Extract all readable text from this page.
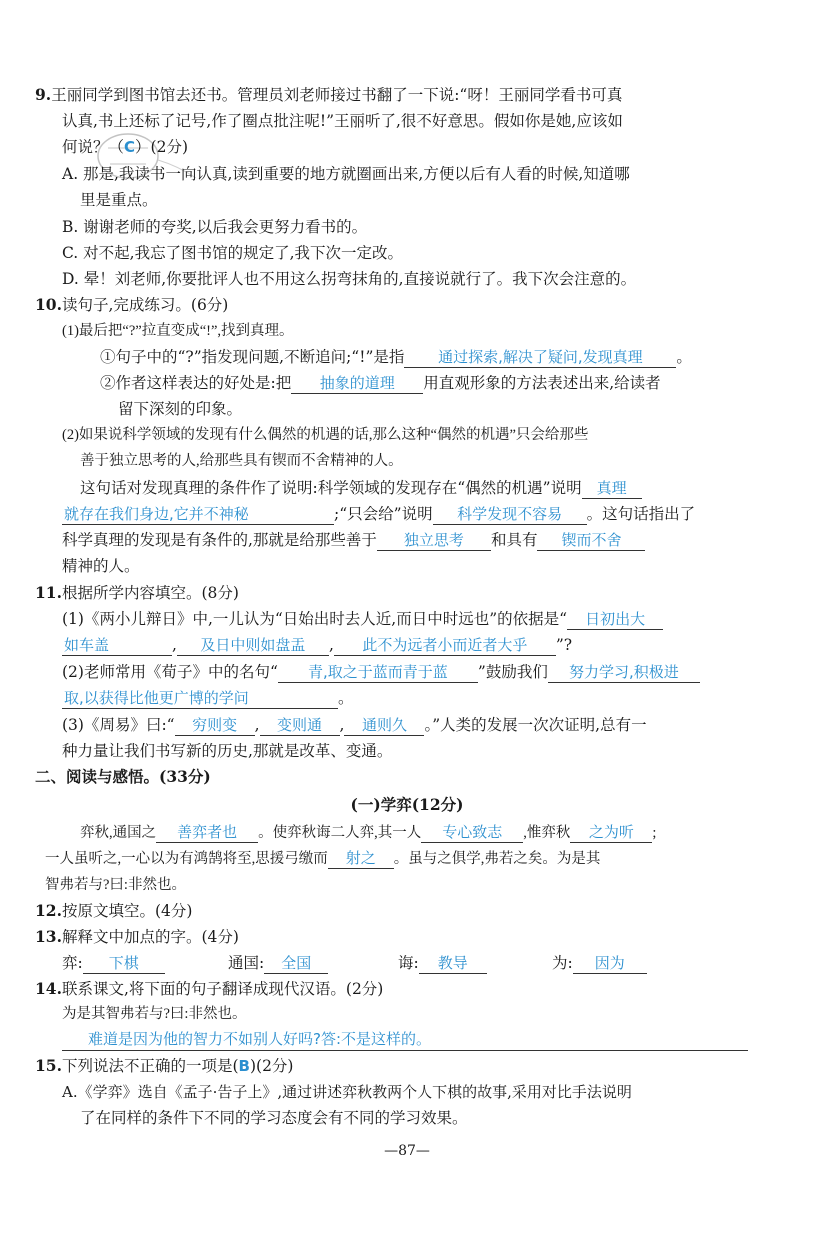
9.王丽同学到图书馆去还书。管理员刘老师接过书翻了一下说:“呀！王丽同学看书可真
认真,书上还标了记号,作了圈点批注呢!”王丽听了,很不好意思。假如你是她,应该如
何说？（C）(2分)
A. 那是,我读书一向认真,读到重要的地方就圈画出来,方便以后有人看的时候,知道哪
里是重点。
B. 谢谢老师的夸奖,以后我会更努力看书的。
C. 对不起,我忘了图书馆的规定了,我下次一定改。
D. 晕！刘老师,你要批评人也不用这么拐弯抹角的,直接说就行了。我下次会注意的。
10.读句子,完成练习。(6分)
(1)最后把“?”拉直变成“!”,找到真理。
①句子中的“?”指发现问题,不断追问;“!”是指 通过探索,解决了疑问,发现真理 。
②作者这样表达的好处是:把 抽象的道理 用直观形象的方法表述出来,给读者
留下深刻的印象。
(2)如果说科学领域的发现有什么偶然的机遇的话,那么这种“偶然的机遇”只会给那些
善于独立思考的人,给那些具有锲而不舍精神的人。
这句话对发现真理的条件作了说明:科学领域的发现存在“偶然的机遇”说明 真理
就存在我们身边,它并不神秘	;“只会给”说明 科学发现不容易 。这句话指出了
科学真理的发现是有条件的,那就是给那些善于 独立思考 和具有 锲而不舍
精神的人。
11.根据所学内容填空。(8分)
(1)《两小儿辩日》中,一儿认为“日始出时去人近,而日中时远也”的依据是“ 日初出大
如车盖	, 及日中则如盘盂 , 此不为远者小而近者大乎 ”?
(2)老师常用《荀子》中的名句“ 青,取之于蓝而青于蓝 ”鼓励我们 努力学习,积极进
取,以获得比他更广博的学问	。
(3)《周易》曰:“ 穷则变 , 变则通 , 通则久 。”人类的发展一次次证明,总有一
种力量让我们书写新的历史,那就是改革、变通。
二、阅读与感悟。(33分)
(一)学弈(12分)
弈秋,通国之 善弈者也 。使弈秋诲二人弈,其一人 专心致志 ,惟弈秋 之为听 ;
一人虽听之,一心以为有鸿鹄将至,思援弓缴而 射之 。虽与之俱学,弗若之矣。为是其
智弗若与?曰:非然也。
12.按原文填空。(4分)
13.解释文中加点的字。(4分)
弈: 下棋	通国: 全国	诲: 教导	为: 因为
14.联系课文,将下面的句子翻译成现代汉语。(2分)
为是其智弗若与?曰:非然也。
难道是因为他的智力不如别人好吗?答:不是这样的。
15.下列说法不正确的一项是(B)(2分)
A.《学弈》选自《孟子·告子上》,通过讲述弈秋教两个人下棋的故事,采用对比手法说明
了在同样的条件下不同的学习态度会有不同的学习效果。
—87—
